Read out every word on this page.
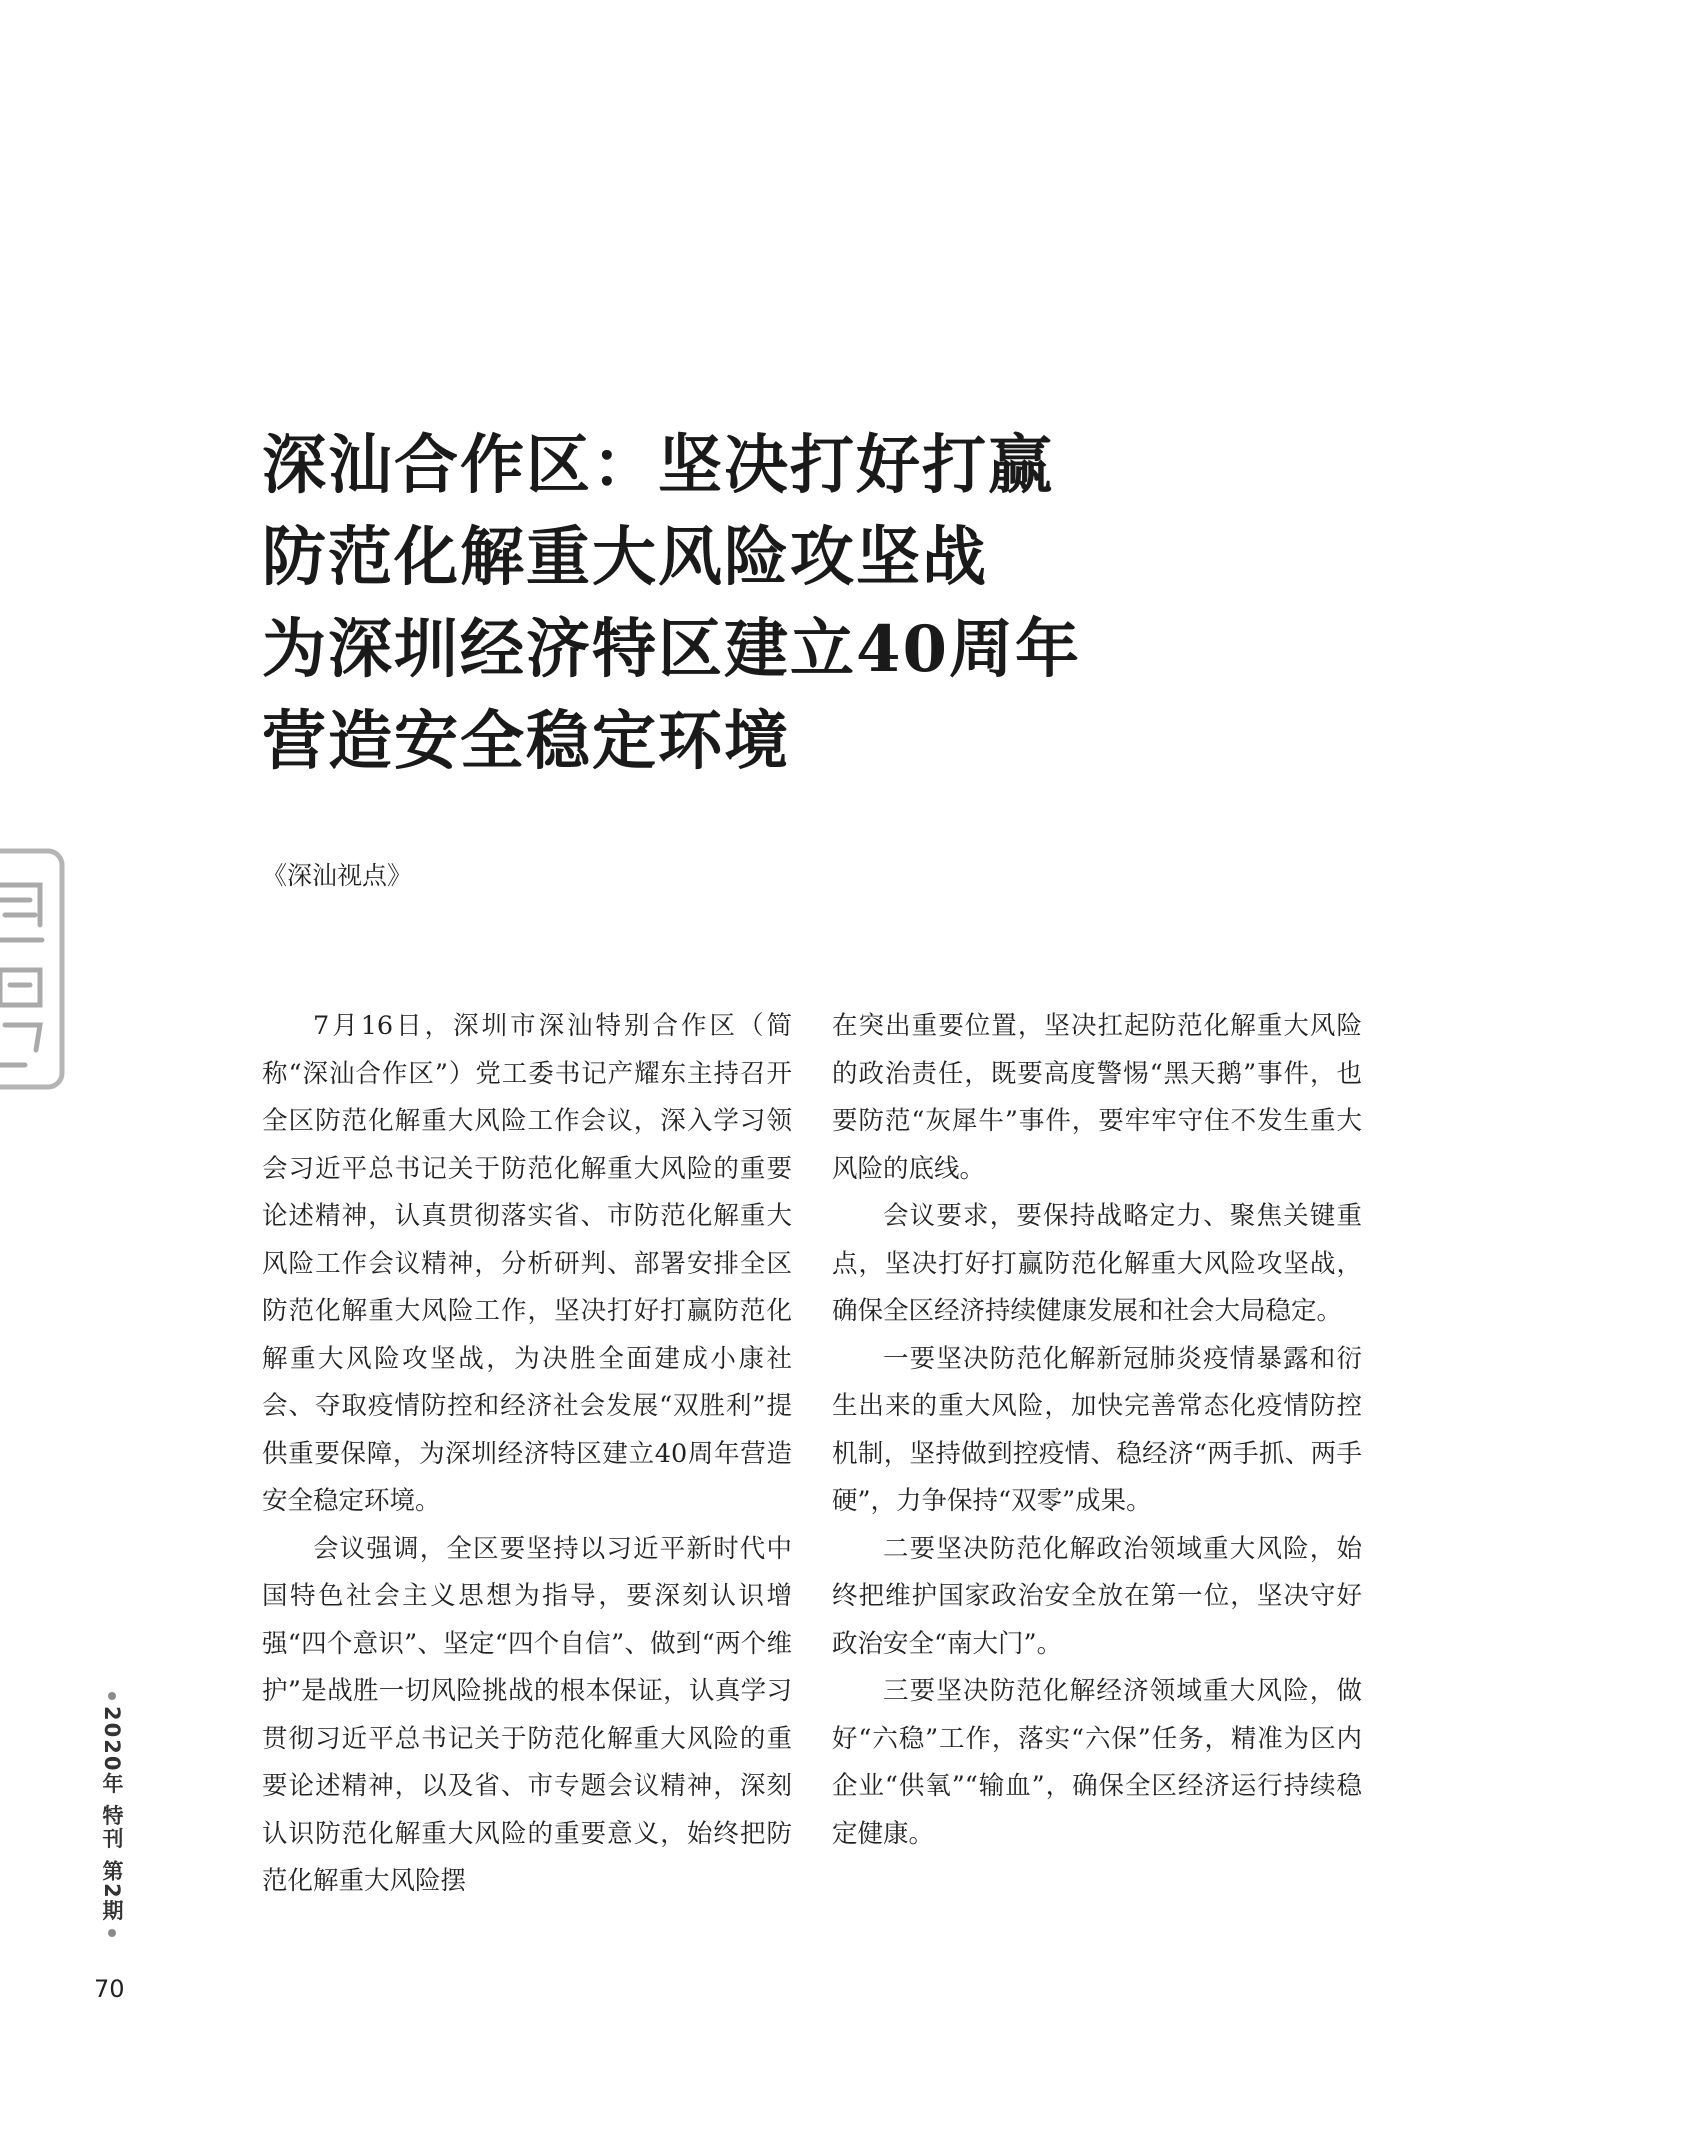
深汕合作区：坚决打好打赢
防范化解重大风险攻坚战
为深圳经济特区建立40周年
营造安全稳定环境
《深汕视点》

7月16日，深圳市深汕特别合作区（简称“深汕合作区”）党工委书记产耀东主持召开全区防范化解重大风险工作会议，深入学习领会习近平总书记关于防范化解重大风险的重要论述精神，认真贯彻落实省、市防范化解重大风险工作会议精神，分析研判、部署安排全区防范化解重大风险工作，坚决打好打赢防范化解重大风险攻坚战，为决胜全面建成小康社会、夺取疫情防控和经济社会发展“双胜利”提供重要保障，为深圳经济特区建立40周年营造安全稳定环境。

会议强调，全区要坚持以习近平新时代中国特色社会主义思想为指导，要深刻认识增强“四个意识”、坚定“四个自信”、做到“两个维护”是战胜一切风险挑战的根本保证，认真学习贯彻习近平总书记关于防范化解重大风险的重要论述精神，以及省、市专题会议精神，深刻认识防范化解重大风险的重要意义，始终把防范化解重大风险摆

在突出重要位置，坚决扛起防范化解重大风险的政治责任，既要高度警惕“黑天鹅”事件，也要防范“灰犀牛”事件，要牢牢守住不发生重大风险的底线。

会议要求，要保持战略定力、聚焦关键重点，坚决打好打赢防范化解重大风险攻坚战，确保全区经济持续健康发展和社会大局稳定。

一要坚决防范化解新冠肺炎疫情暴露和衍生出来的重大风险，加快完善常态化疫情防控机制，坚持做到控疫情、稳经济“两手抓、两手硬”，力争保持“双零”成果。

二要坚决防范化解政治领域重大风险，始终把维护国家政治安全放在第一位，坚决守好政治安全“南大门”。

三要坚决防范化解经济领域重大风险，做好“六稳”工作，落实“六保”任务，精准为区内企业“供氧”“输血”，确保全区经济运行持续稳定健康。

2020年 特刊 第2期
70
